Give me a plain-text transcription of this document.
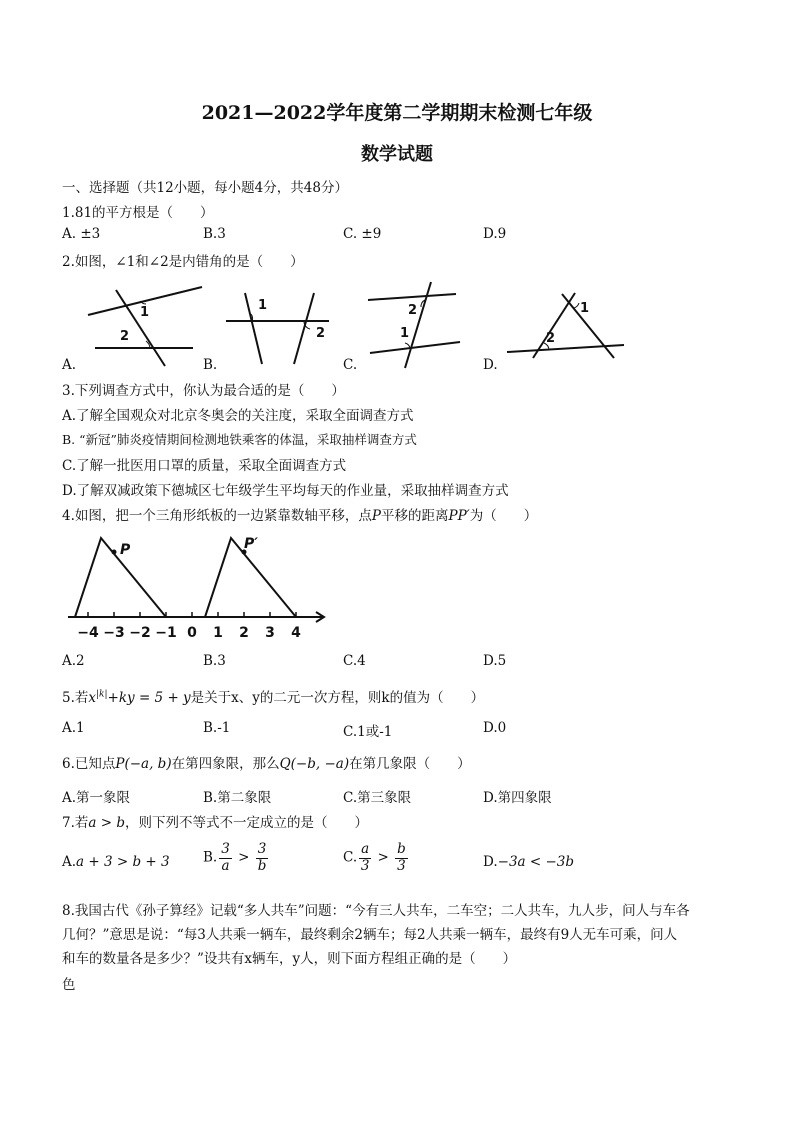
2021—2022学年度第二学期期末检测七年级
数学试题
一、选择题（共12小题，每小题4分，共48分）
1.81的平方根是（　　）
A. ±3	B.3	C. ±9	D.9
2.如图，∠1和∠2是内错角的是（　　）
1
2
1
2
2
1
1
2
A.	B.	C.	D.
3.下列调查方式中，你认为最合适的是（　　）
A.了解全国观众对北京冬奥会的关注度，采取全面调查方式
B. “新冠”肺炎疫情期间检测地铁乘客的体温，采取抽样调查方式
C.了解一批医用口罩的质量，采取全面调查方式
D.了解双减政策下德城区七年级学生平均每天的作业量，采取抽样调查方式
4.如图，把一个三角形纸板的一边紧靠数轴平移，点P平移的距离PP′为（　　）
−4 −3 −2 −1 0 1 2 3 4
P	P′
A.2	B.3	C.4	D.5
5.若$x^{|k|}+ky = 5 + y$是关于x、y的二元一次方程，则k的值为（　　）
A.1	B.-1	C.1或-1	D.0
6.已知点P(−a, b)在第四象限，那么Q(−b, −a)在第几象限（　　）
A.第一象限	B.第二象限	C.第三象限	D.第四象限
7.若a > b，则下列不等式不一定成立的是（　　）
A.a + 3 > b + 3 B. $\frac{3}{a} > \frac{3}{b}$	C. $\frac{a}{3} > \frac{b}{3}$	D.−3a < −3b
8.我国古代《孙子算经》记载“多人共车”问题：“今有三人共车，二车空；二人共车，九人步，问人与车各
几何？”意思是说：“每3人共乘一辆车，最终剩余2辆车；每2人共乘一辆车，最终有9人无车可乘，问人
和车的数量各是多少？”设共有x辆车，y人，则下面方程组正确的是（　　）
色
